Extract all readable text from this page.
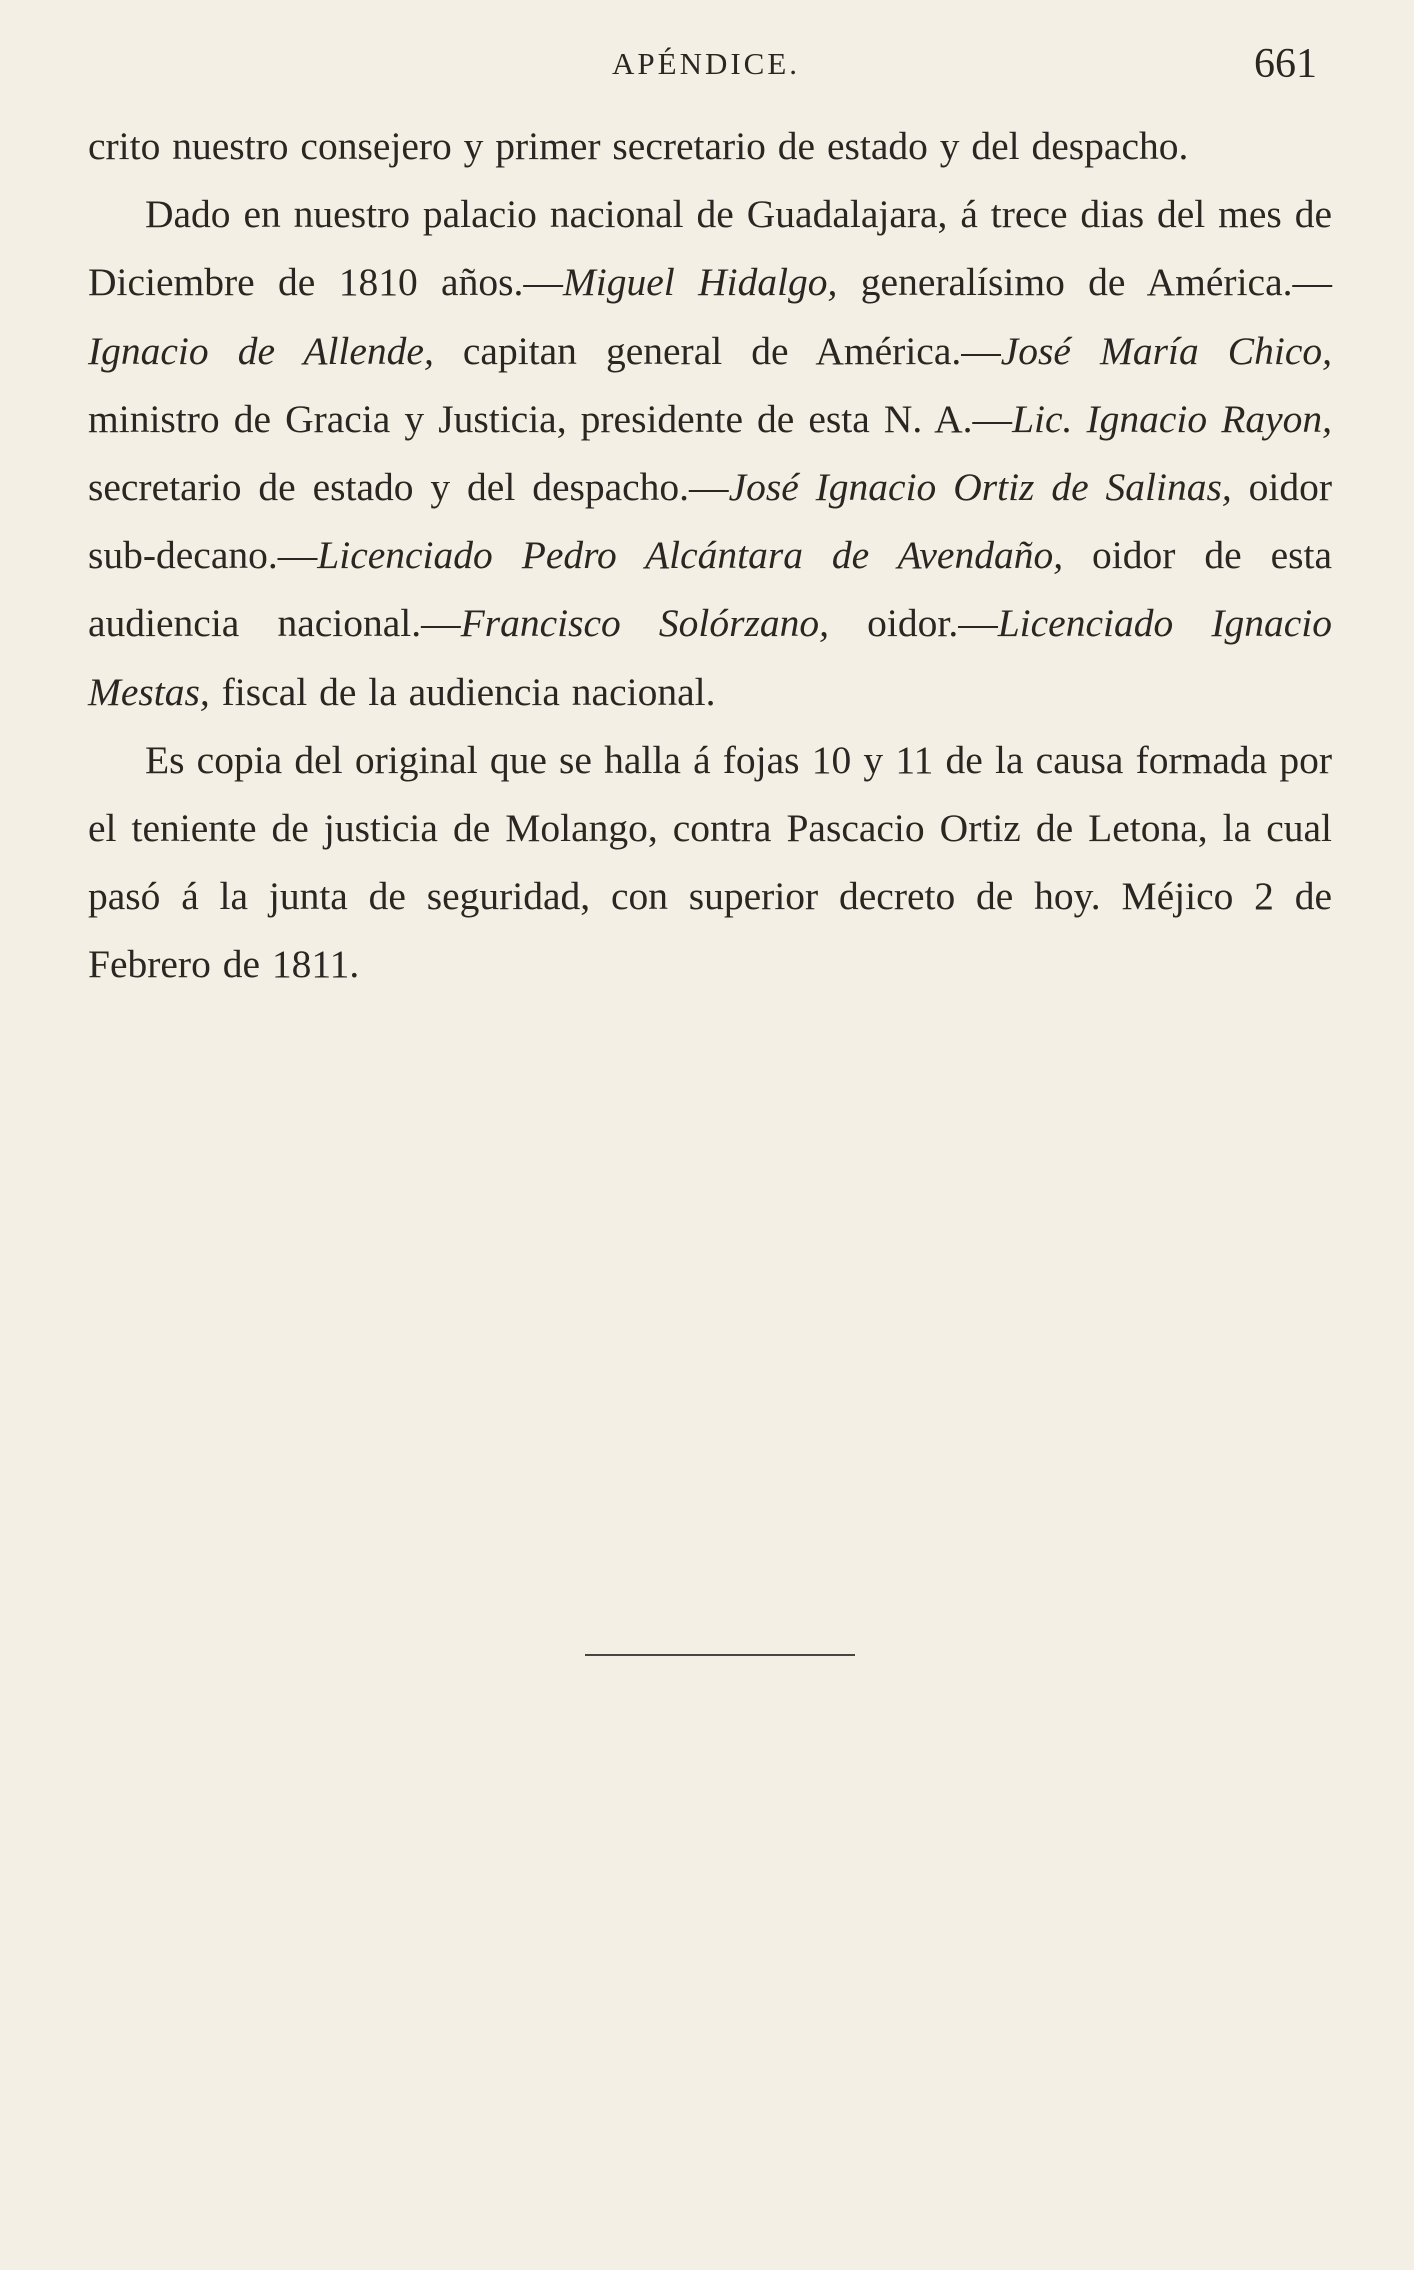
APÉNDICE.	661

crito nuestro consejero y primer secretario de estado y del despacho.

Dado en nuestro palacio nacional de Guadalajara, á trece dias del mes de Diciembre de 1810 años.—Miguel Hidalgo, generalísimo de América.—Ignacio de Allende, capitan general de América.—José María Chico, ministro de Gracia y Justicia, presidente de esta N. A.—Lic. Ignacio Rayon, secretario de estado y del despacho.—José Ignacio Ortiz de Salinas, oidor sub-decano.—Licenciado Pedro Alcántara de Avendaño, oidor de esta audiencia nacional.—Francisco Solórzano, oidor.—Licenciado Ignacio Mestas, fiscal de la audiencia nacional.

Es copia del original que se halla á fojas 10 y 11 de la causa formada por el teniente de justicia de Molango, contra Pascacio Ortiz de Letona, la cual pasó á la junta de seguridad, con superior decreto de hoy. Méjico 2 de Febrero de 1811.
